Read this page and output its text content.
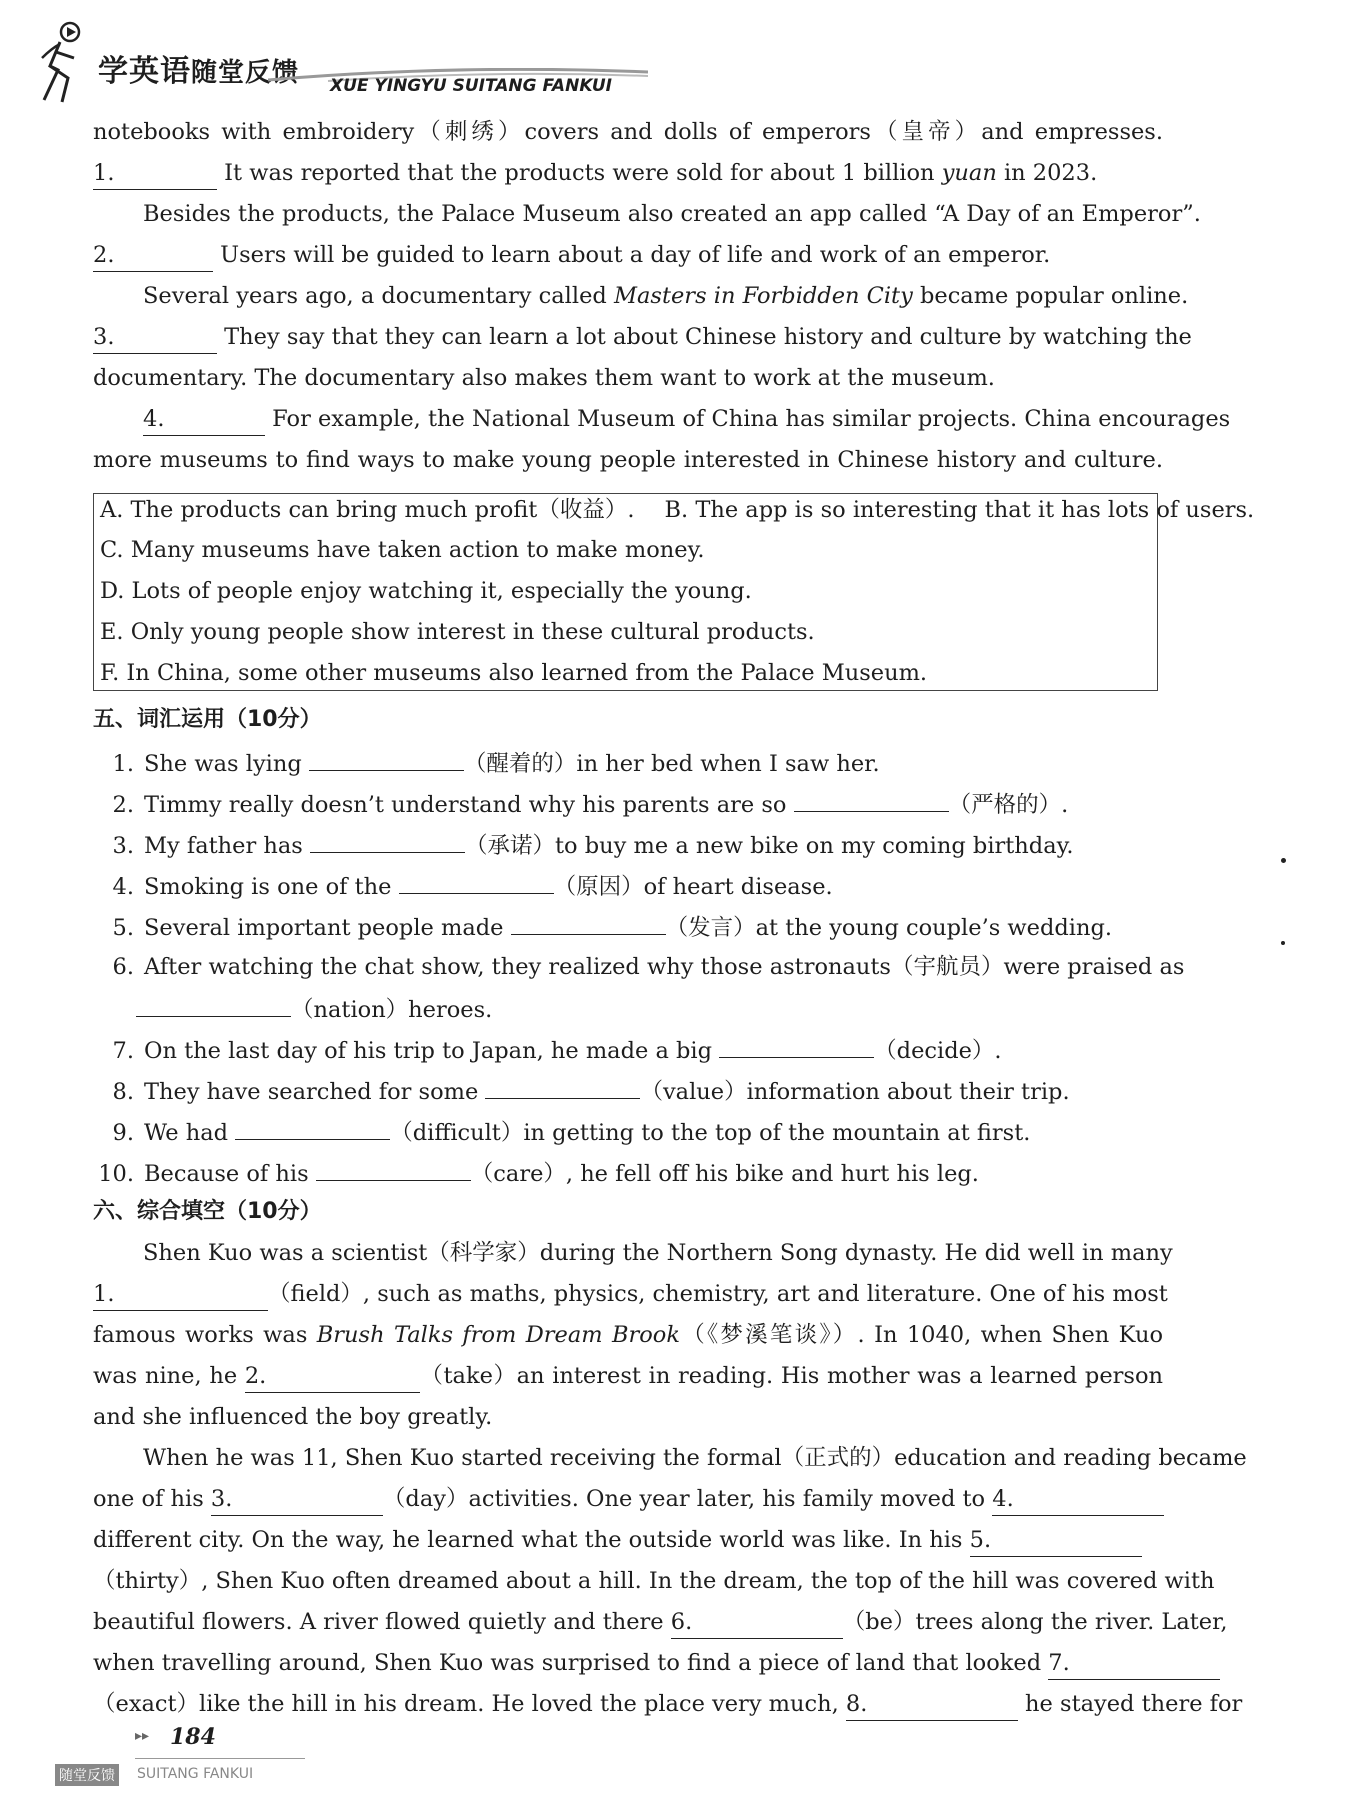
学英语随堂反馈 XUE YINGYU SUITANG FANKUI
notebooks with embroidery（刺绣）covers and dolls of emperors（皇帝）and empresses.
1.	It was reported that the products were sold for about 1 billion yuan in 2023.
Besides the products, the Palace Museum also created an app called “A Day of an Emperor”.
2.	Users will be guided to learn about a day of life and work of an emperor.
Several years ago, a documentary called Masters in Forbidden City became popular online.
3.	They say that they can learn a lot about Chinese history and culture by watching the
documentary. The documentary also makes them want to work at the museum.
4.	For example, the National Museum of China has similar projects. China encourages
more museums to find ways to make young people interested in Chinese history and culture.
A. The products can bring much profit（收益）. B. The app is so interesting that it has lots of users.
C. Many museums have taken action to make money.
D. Lots of people enjoy watching it, especially the young.
E. Only young people show interest in these cultural products.
F. In China, some other museums also learned from the Palace Museum.
五、词汇运用（10分）
1. She was lying	（醒着的）in her bed when I saw her.
2. Timmy really doesn’t understand why his parents are so	（严格的）.
3. My father has	（承诺）to buy me a new bike on my coming birthday.
4. Smoking is one of the	（原因）of heart disease.
5. Several important people made	（发言）at the young couple’s wedding.
6. After watching the chat show, they realized why those astronauts（宇航员）were praised as
（nation）heroes.
7. On the last day of his trip to Japan, he made a big	（decide）.
8. They have searched for some	（value）information about their trip.
9. We had	（difficult）in getting to the top of the mountain at first.
10. Because of his	（care）, he fell off his bike and hurt his leg.
六、综合填空（10分）
Shen Kuo was a scientist（科学家）during the Northern Song dynasty. He did well in many
1.	（field）, such as maths, physics, chemistry, art and literature. One of his most
famous works was Brush Talks from Dream Brook（《梦溪笔谈》）. In 1040, when Shen Kuo
was nine, he 2.	（take）an interest in reading. His mother was a learned person
and she influenced the boy greatly.
When he was 11, Shen Kuo started receiving the formal（正式的）education and reading became
one of his 3.	（day）activities. One year later, his family moved to 4.
different city. On the way, he learned what the outside world was like. In his 5.
（thirty）, Shen Kuo often dreamed about a hill. In the dream, the top of the hill was covered with
beautiful flowers. A river flowed quietly and there 6.	（be）trees along the river. Later,
when travelling around, Shen Kuo was surprised to find a piece of land that looked 7.
（exact）like the hill in his dream. He loved the place very much, 8.	he stayed there for
▸▸ 184
随堂反馈 SUITANG FANKUI
